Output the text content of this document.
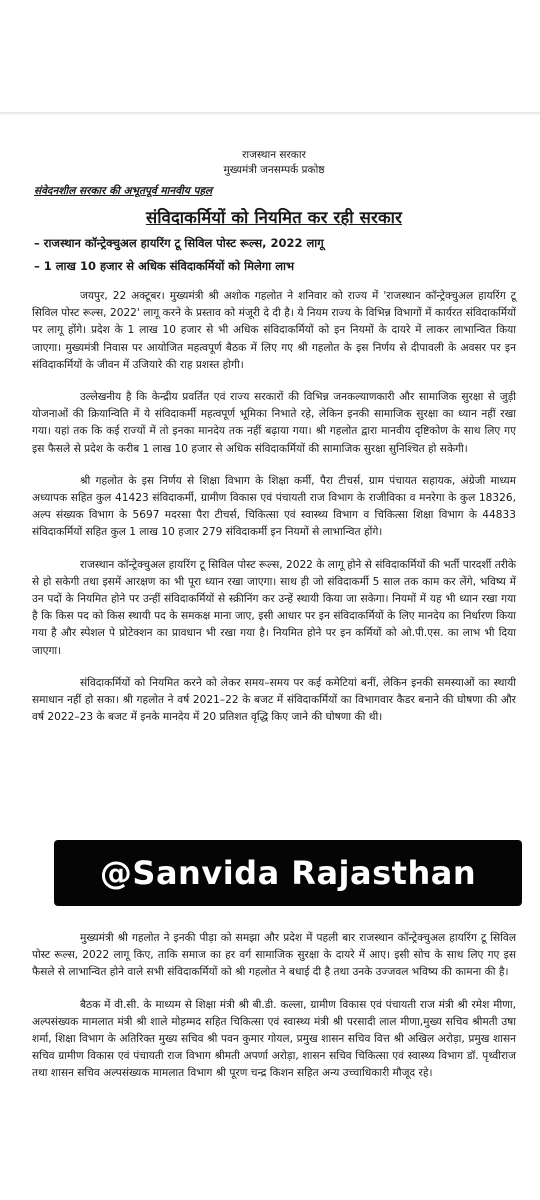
राजस्थान सरकार
मुख्यमंत्री जनसम्पर्क प्रकोष्ठ
संवेदनशील सरकार की अभूतपूर्व मानवीय पहल
संविदाकर्मियों को नियमित कर रही सरकार
– राजस्थान कॉन्ट्रेक्चुअल हायरिंग टू सिविल पोस्ट रूल्स, 2022 लागू
– 1 लाख 10 हजार से अधिक संविदाकर्मियों को मिलेगा लाभ

जयपुर, 22 अक्टूबर। मुख्यमंत्री श्री अशोक गहलोत ने शनिवार को राज्य में 'राजस्थान कॉन्ट्रेक्चुअल हायरिंग टू सिविल पोस्ट रूल्स, 2022' लागू करने के प्रस्ताव को मंजूरी दे दी है। ये नियम राज्य के विभिन्न विभागों में कार्यरत संविदाकर्मियों पर लागू होंगे। प्रदेश के 1 लाख 10 हजार से भी अधिक संविदाकर्मियों को इन नियमों के दायरे में लाकर लाभान्वित किया जाएगा। मुख्यमंत्री निवास पर आयोजित महत्वपूर्ण बैठक में लिए गए श्री गहलोत के इस निर्णय से दीपावली के अवसर पर इन संविदाकर्मियों के जीवन में उजियारे की राह प्रशस्त होगी।

उल्लेखनीय है कि केन्द्रीय प्रवर्तित एवं राज्य सरकारों की विभिन्न जनकल्याणकारी और सामाजिक सुरक्षा से जुड़ी योजनाओं की क्रियान्विति में ये संविदाकर्मी महत्वपूर्ण भूमिका निभाते रहे, लेकिन इनकी सामाजिक सुरक्षा का ध्यान नहीं रखा गया। यहां तक कि कई राज्यों में तो इनका मानदेय तक नहीं बढ़ाया गया। श्री गहलोत द्वारा मानवीय दृष्टिकोण के साथ लिए गए इस फैसले से प्रदेश के करीब 1 लाख 10 हजार से अधिक संविदाकर्मियों की सामाजिक सुरक्षा सुनिश्चित हो सकेगी।

श्री गहलोत के इस निर्णय से शिक्षा विभाग के शिक्षा कर्मी, पैरा टीचर्स, ग्राम पंचायत सहायक, अंग्रेजी माध्यम अध्यापक सहित कुल 41423 संविदाकर्मी, ग्रामीण विकास एवं पंचायती राज विभाग के राजीविका व मनरेगा के कुल 18326, अल्प संख्यक विभाग के 5697 मदरसा पैरा टीचर्स, चिकित्सा एवं स्वास्थ्य विभाग व चिकित्सा शिक्षा विभाग के 44833 संविदाकर्मियों सहित कुल 1 लाख 10 हजार 279 संविदाकर्मी इन नियमों से लाभान्वित होंगे।

राजस्थान कॉन्ट्रेक्चुअल हायरिंग टू सिविल पोस्ट रूल्स, 2022 के लागू होने से संविदाकर्मियों की भर्ती पारदर्शी तरीके से हो सकेगी तथा इसमें आरक्षण का भी पूरा ध्यान रखा जाएगा। साथ ही जो संविदाकर्मी 5 साल तक काम कर लेंगे, भविष्य में उन पदों के नियमित होने पर उन्हीं संविदाकर्मियों से स्क्रीनिंग कर उन्हें स्थायी किया जा सकेगा। नियमों में यह भी ध्यान रखा गया है कि किस पद को किस स्थायी पद के समकक्ष माना जाए, इसी आधार पर इन संविदाकर्मियों के लिए मानदेय का निर्धारण किया गया है और स्पेशल पे प्रोटेक्शन का प्रावधान भी रखा गया है। नियमित होने पर इन कर्मियों को ओ.पी.एस. का लाभ भी दिया जाएगा।

संविदाकर्मियों को नियमित करने को लेकर समय–समय पर कई कमेटियां बनीं, लेकिन इनकी समस्याओं का स्थायी समाधान नहीं हो सका। श्री गहलोत ने वर्ष 2021–22 के बजट में संविदाकर्मियों का विभागवार कैडर बनाने की घोषणा की और वर्ष 2022–23 के बजट में इनके मानदेय में 20 प्रतिशत वृद्धि किए जाने की घोषणा की थी।

@Sanvida Rajasthan

मुख्यमंत्री श्री गहलोत ने इनकी पीड़ा को समझा और प्रदेश में पहली बार राजस्थान कॉन्ट्रेक्चुअल हायरिंग टू सिविल पोस्ट रूल्स, 2022 लागू किए, ताकि समाज का हर वर्ग सामाजिक सुरक्षा के दायरे में आए। इसी सोच के साथ लिए गए इस फैसले से लाभान्वित होने वाले सभी संविदाकर्मियों को श्री गहलोत ने बधाई दी है तथा उनके उज्जवल भविष्य की कामना की है।

बैठक में वी.सी. के माध्यम से शिक्षा मंत्री श्री बी.डी. कल्ला, ग्रामीण विकास एवं पंचायती राज मंत्री श्री रमेश मीणा, अल्पसंख्यक मामलात मंत्री श्री शाले मोहम्मद सहित चिकित्सा एवं स्वास्थ्य मंत्री श्री परसादी लाल मीणा,मुख्य सचिव श्रीमती उषा शर्मा, शिक्षा विभाग के अतिरिक्त मुख्य सचिव श्री पवन कुमार गोयल, प्रमुख शासन सचिव वित्त श्री अखिल अरोड़ा, प्रमुख शासन सचिव ग्रामीण विकास एवं पंचायती राज विभाग श्रीमती अपर्णा अरोड़ा, शासन सचिव चिकित्सा एवं स्वास्थ्य विभाग डॉ. पृथ्वीराज तथा शासन सचिव अल्पसंख्यक मामलात विभाग श्री पूरण चन्द्र किशन सहित अन्य उच्चाधिकारी मौजूद रहे।
